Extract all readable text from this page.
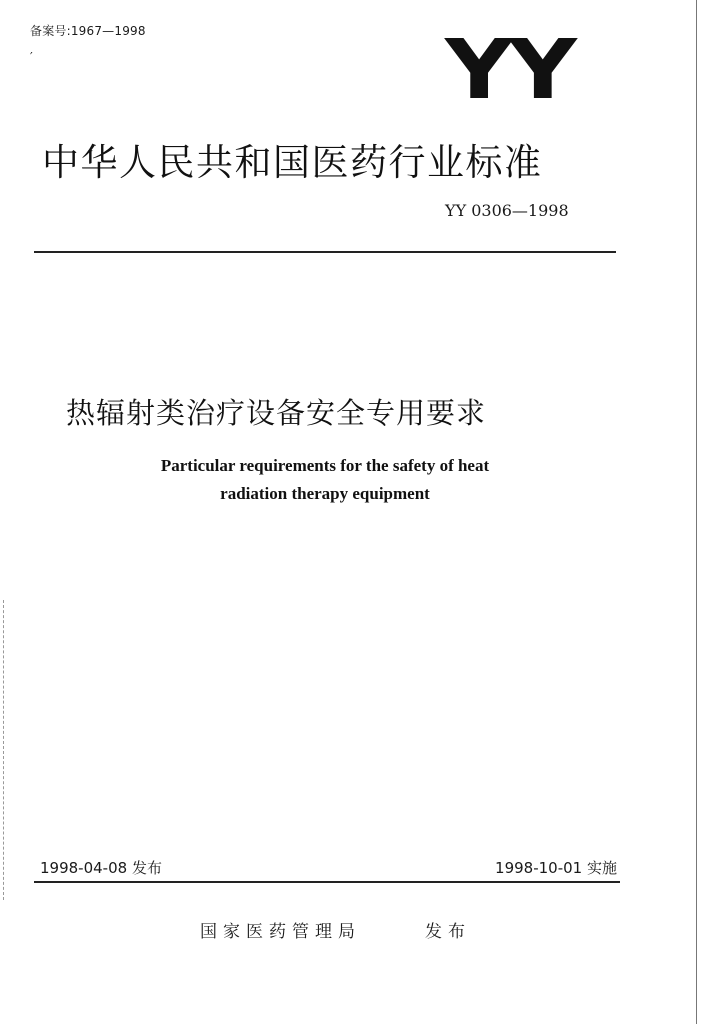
备案号:1967—1998
′	YY
中华人民共和国医药行业标准
YY 0306—1998
热辐射类治疗设备安全专用要求
Particular requirements for the safety of heat
radiation therapy equipment
1998-04-08 发布	1998-10-01 实施
国家医药管理局	发布
